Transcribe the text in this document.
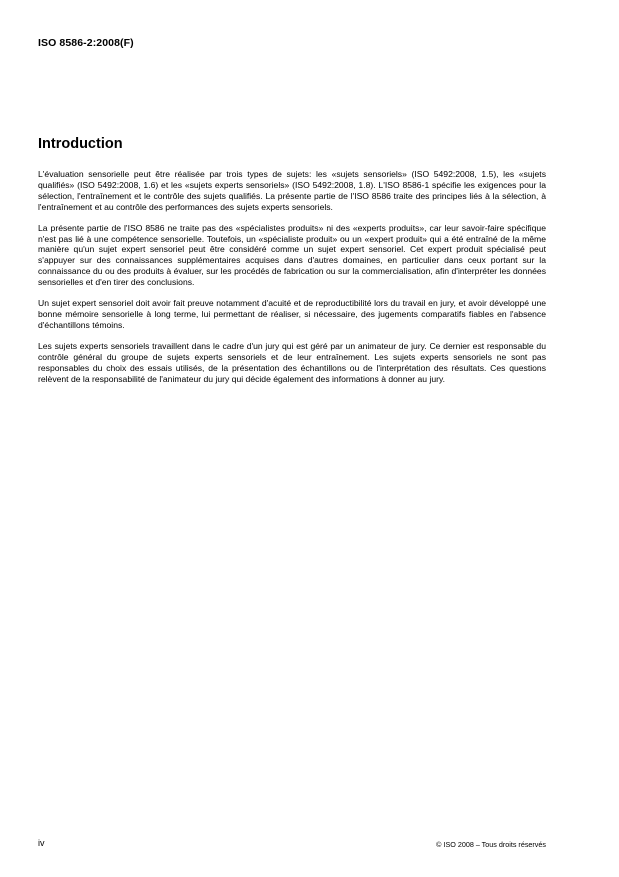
ISO 8586-2:2008(F)
Introduction

L'évaluation sensorielle peut être réalisée par trois types de sujets: les «sujets sensoriels» (ISO 5492:2008, 1.5), les «sujets qualifiés» (ISO 5492:2008, 1.6) et les «sujets experts sensoriels» (ISO 5492:2008, 1.8). L'ISO 8586-1 spécifie les exigences pour la sélection, l'entraînement et le contrôle des sujets qualifiés. La présente partie de l'ISO 8586 traite des principes liés à la sélection, à l'entraînement et au contrôle des performances des sujets experts sensoriels.

La présente partie de l'ISO 8586 ne traite pas des «spécialistes produits» ni des «experts produits», car leur savoir-faire spécifique n'est pas lié à une compétence sensorielle. Toutefois, un «spécialiste produit» ou un «expert produit» qui a été entraîné de la même manière qu'un sujet expert sensoriel peut être considéré comme un sujet expert sensoriel. Cet expert produit spécialisé peut s'appuyer sur des connaissances supplémentaires acquises dans d'autres domaines, en particulier dans ceux portant sur la connaissance du ou des produits à évaluer, sur les procédés de fabrication ou sur la commercialisation, afin d'interpréter les données sensorielles et d'en tirer des conclusions.

Un sujet expert sensoriel doit avoir fait preuve notamment d'acuité et de reproductibilité lors du travail en jury, et avoir développé une bonne mémoire sensorielle à long terme, lui permettant de réaliser, si nécessaire, des jugements comparatifs fiables en l'absence d'échantillons témoins.

Les sujets experts sensoriels travaillent dans le cadre d'un jury qui est géré par un animateur de jury. Ce dernier est responsable du contrôle général du groupe de sujets experts sensoriels et de leur entraînement. Les sujets experts sensoriels ne sont pas responsables du choix des essais utilisés, de la présentation des échantillons ou de l'interprétation des résultats. Ces questions relèvent de la responsabilité de l'animateur du jury qui décide également des informations à donner au jury.

iv	© ISO 2008 – Tous droits réservés
